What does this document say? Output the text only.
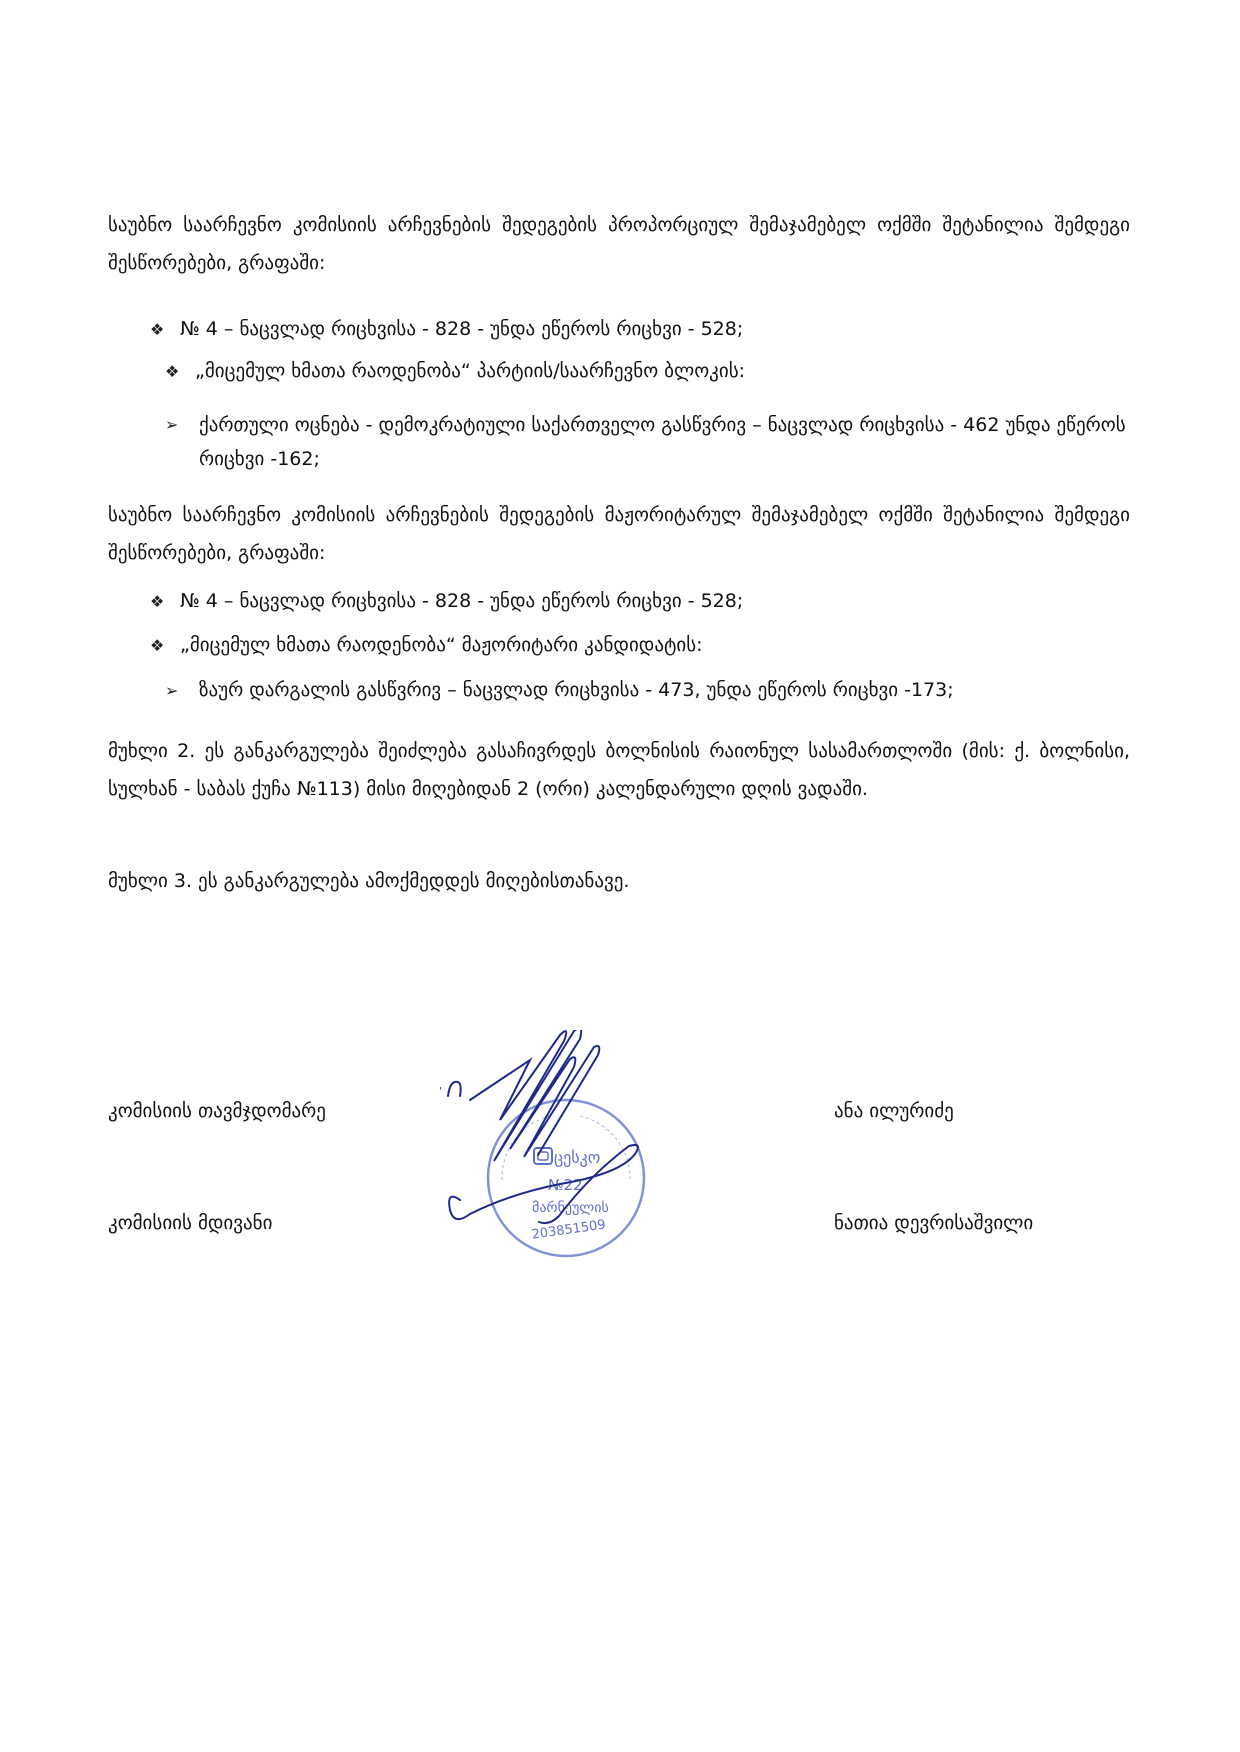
საუბნო საარჩევნო კომისიის არჩევნების შედეგების პროპორციულ შემაჯამებელ ოქმში შეტანილია შემდეგი შესწორებები, გრაფაში:
❖ № 4 – ნაცვლად რიცხვისა - 828 - უნდა ეწეროს რიცხვი - 528;
❖ „მიცემულ ხმათა რაოდენობა“ პარტიის/საარჩევნო ბლოკის:
➢	ქართული ოცნება - დემოკრატიული საქართველო გასწვრივ – ნაცვლად რიცხვისა - 462 უნდა ეწეროს რიცხვი -162;
საუბნო საარჩევნო კომისიის არჩევნების შედეგების მაჟორიტარულ შემაჯამებელ ოქმში შეტანილია შემდეგი შესწორებები, გრაფაში:
❖ № 4 – ნაცვლად რიცხვისა - 828 - უნდა ეწეროს რიცხვი - 528;
❖ „მიცემულ ხმათა რაოდენობა“ მაჟორიტარი კანდიდატის:
➢ ზაურ დარგალის გასწვრივ – ნაცვლად რიცხვისა - 473, უნდა ეწეროს რიცხვი -173;
მუხლი 2. ეს განკარგულება შეიძლება გასაჩივრდეს ბოლნისის რაიონულ სასამართლოში (მის: ქ. ბოლნისი, სულხან - საბას ქუჩა №113) მისი მიღებიდან 2 (ორი) კალენდარული დღის ვადაში.
მუხლი 3. ეს განკარგულება ამოქმედდეს მიღებისთანავე.
კომისიის თავმჯდომარე	ანა ილურიძე
კომისიის მდივანი	ნათია დევრისაშვილი
ცესკო
№22
მარნეულის
203851509
